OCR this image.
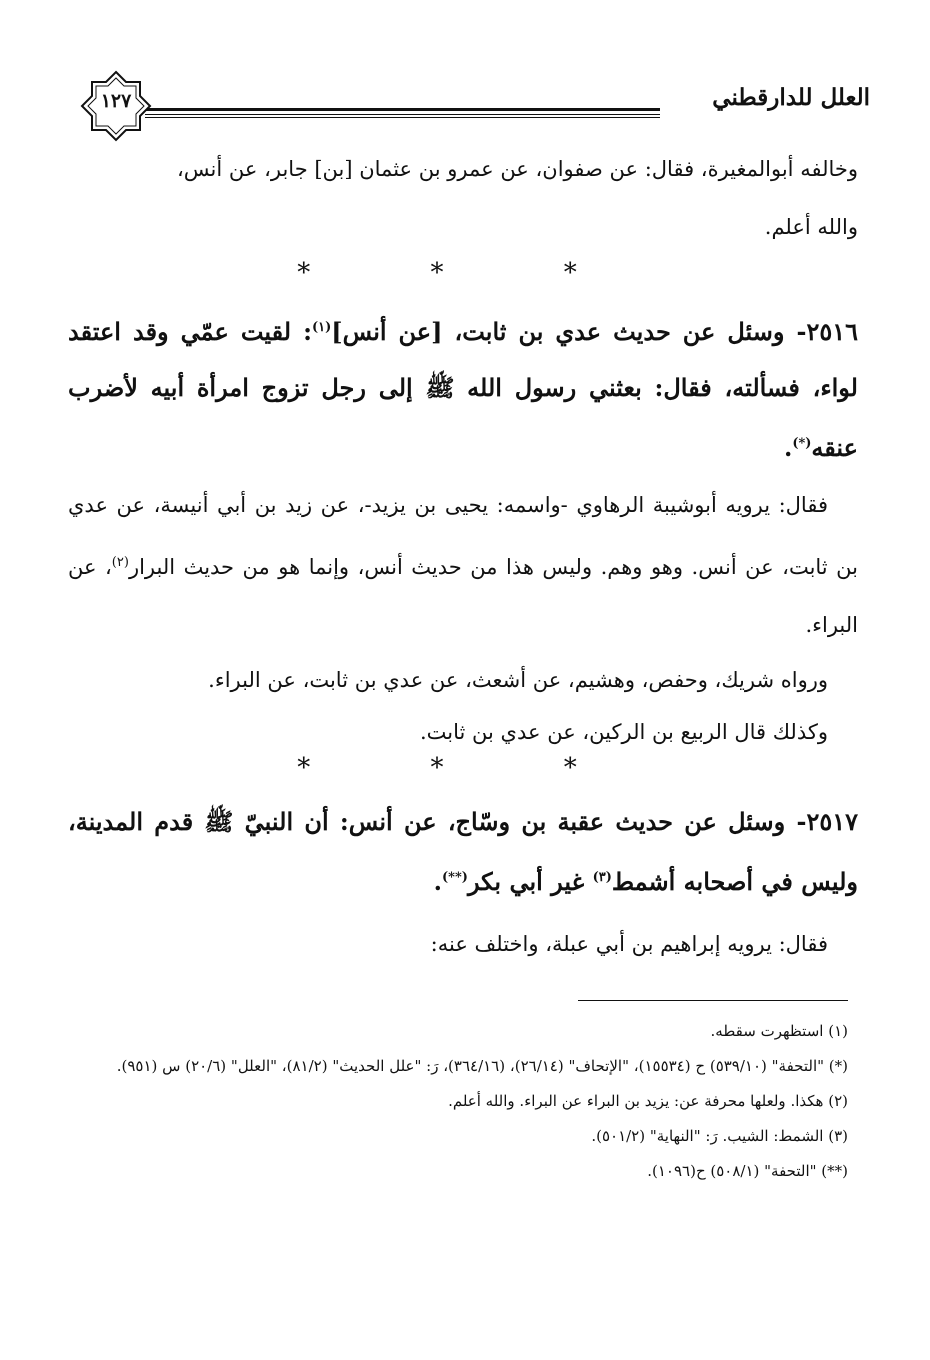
العلل للدارقطني
١٢٧

وخالفه أبوالمغيرة، فقال: عن صفوان، عن عمرو بن عثمان [بن] جابر، عن أنس،

والله أعلم.

* * *

٢٥١٦- وسئل عن حديث عدي بن ثابت، [عن أنس]$^{(١)}$: لقيت عمّي وقد اعتقد لواء، فسألته، فقال: بعثني رسول الله ﷺ إلى رجل تزوج امرأة أبيه لأضرب عنقه(*).

فقال: يرويه أبوشيبة الرهاوي -واسمه: يحيى بن يزيد-، عن زيد بن أبي أنيسة، عن عدي بن ثابت، عن أنس. وهو وهم. وليس هذا من حديث أنس، وإنما هو من حديث البرار$^{(٢)}$، عن البراء.

ورواه شريك، وحفص، وهشيم، عن أشعث، عن عدي بن ثابت، عن البراء.

وكذلك قال الربيع بن الركين، عن عدي بن ثابت.

* * *

٢٥١٧- وسئل عن حديث عقبة بن وسّاج، عن أنس: أن النبيّ ﷺ قدم المدينة، وليس في أصحابه أشمط$^{(٣)}$ غير أبي بكر(**).

فقال: يرويه إبراهيم بن أبي عبلة، واختلف عنه:

(١) استظهرت سقطه.

(*) "التحفة" (٥٣٩/١٠) ح (١٥٥٣٤)، "الإتحاف" (٢٦/١٤)، (٣٦٤/١٦)، رَ: "علل الحديث" (٨١/٢)، "العلل" (٢٠/٦) س (٩٥١).

(٢) هكذا. ولعلها محرفة عن: يزيد بن البراء عن البراء. والله أعلم.

(٣) الشمط: الشيب. رَ: "النهاية" (٥٠١/٢).

(**) "التحفة" (٥٠٨/١) ح(١٠٩٦).
